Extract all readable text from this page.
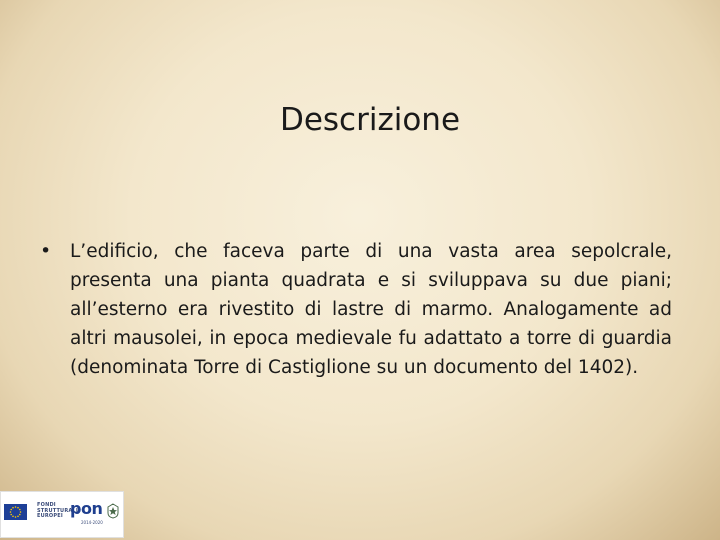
Descrizione
• L’edificio, che faceva parte di una vasta area sepolcrale, presenta una pianta quadrata e si sviluppava su due piani; all’esterno era rivestito di lastre di marmo. Analogamente ad altri mausolei, in epoca medievale fu adattato a torre di guardia (denominata Torre di Castiglione su un documento del 1402).

FONDI
STRUTTURALI
EUROPEI pon
2014-2020
